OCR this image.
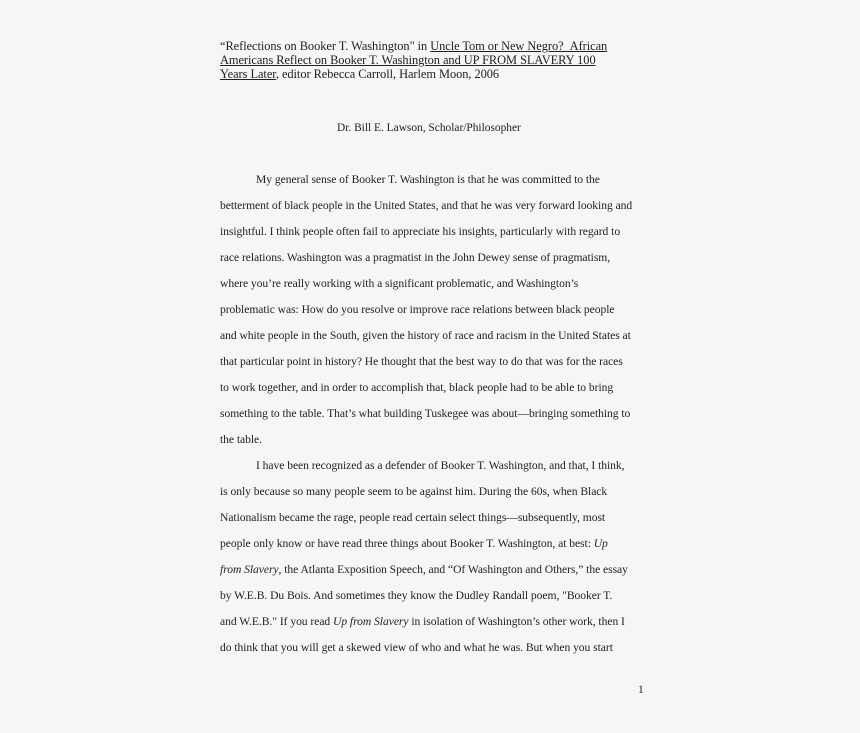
“Reflections on Booker T. Washington" in Uncle Tom or New Negro?_African
Americans Reflect on Booker T. Washington and UP FROM SLAVERY 100
Years Later, editor Rebecca Carroll, Harlem Moon, 2006
Dr. Bill E. Lawson, Scholar/Philosopher
My general sense of Booker T. Washington is that he was committed to the
betterment of black people in the United States, and that he was very forward looking and
insightful. I think people often fail to appreciate his insights, particularly with regard to
race relations. Washington was a pragmatist in the John Dewey sense of pragmatism,
where you’re really working with a significant problematic, and Washington’s
problematic was: How do you resolve or improve race relations between black people
and white people in the South, given the history of race and racism in the United States at
that particular point in history? He thought that the best way to do that was for the races
to work together, and in order to accomplish that, black people had to be able to bring
something to the table. That’s what building Tuskegee was about—bringing something to
the table.
I have been recognized as a defender of Booker T. Washington, and that, I think,
is only because so many people seem to be against him. During the 60s, when Black
Nationalism became the rage, people read certain select things—subsequently, most
people only know or have read three things about Booker T. Washington, at best: Up
from Slavery, the Atlanta Exposition Speech, and “Of Washington and Others,” the essay
by W.E.B. Du Bois. And sometimes they know the Dudley Randall poem, "Booker T.
and W.E.B." If you read Up from Slavery in isolation of Washington’s other work, then I
do think that you will get a skewed view of who and what he was. But when you start
1
